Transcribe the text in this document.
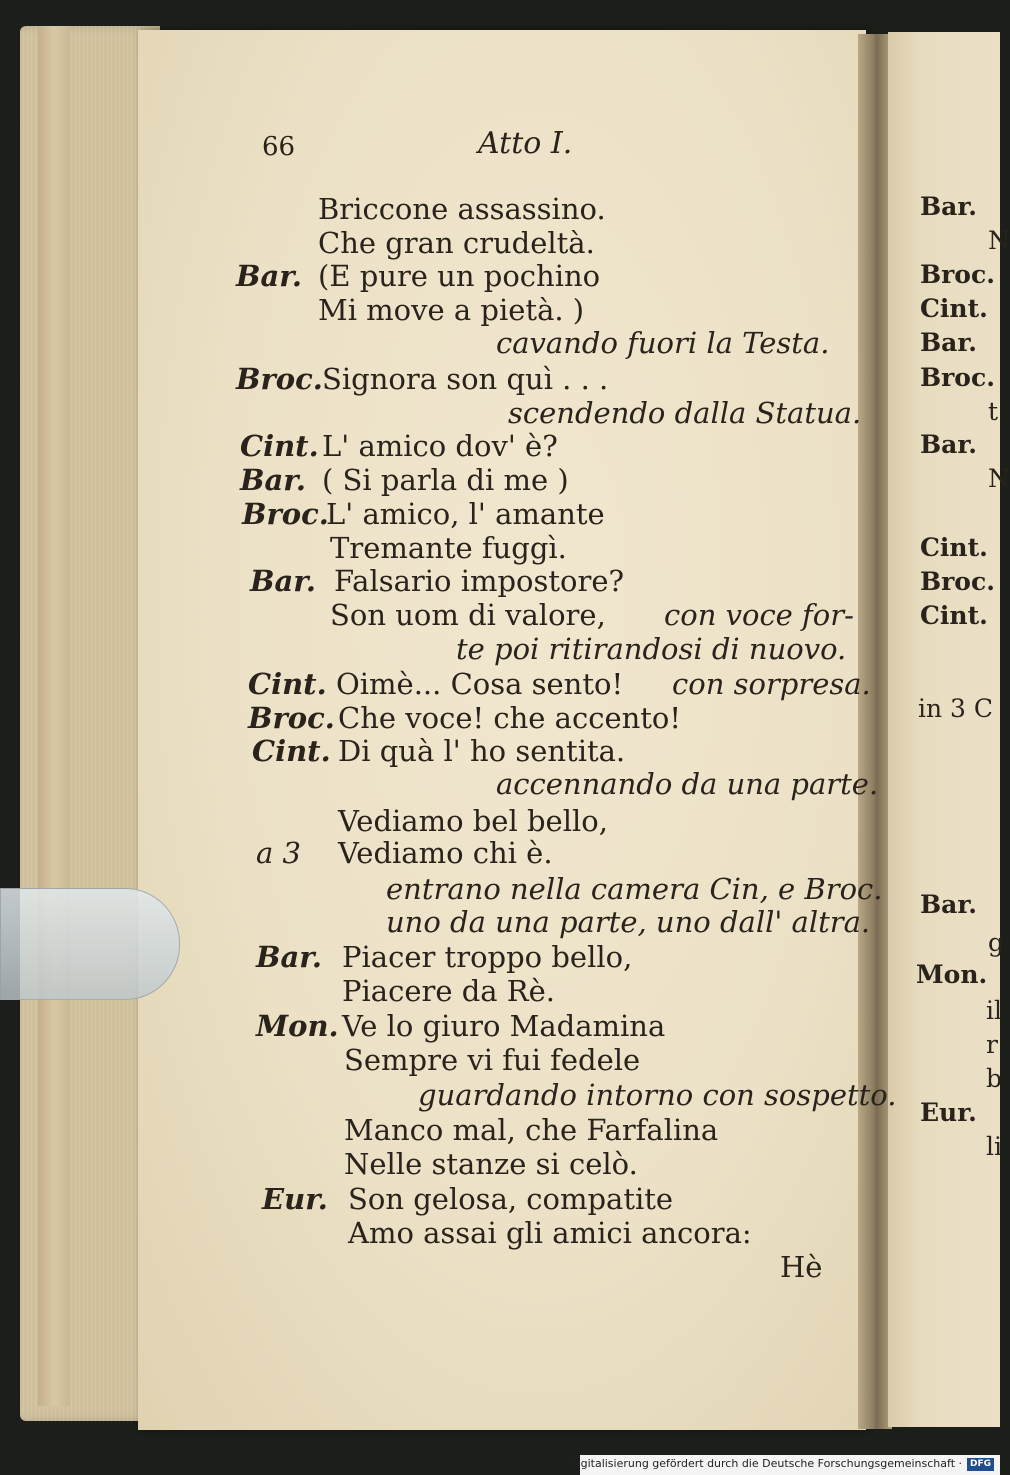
66	Atto I.
Briccone assassino.
Che gran crudeltà.
Bar. (E pure un pochino
Mi move a pietà. )
cavando fuori la Testa.
Broc. Signora son quì . . .
scendendo dalla Statua.
Cint. L' amico dov' è?
Bar. ( Si parla di me )
Broc.
L' amico, l' amante
Tremante fuggì.
Bar. Falsario impostore?
Son uom di valore, con voce for-
te poi ritirandosi di nuovo.
Cint. Oimè... Cosa sento! con sorpresa.
Broc. Che voce! che accento!
Cint. Di quà l' ho sentita.
accennando da una parte.
Vediamo bel bello,
a 3 Vediamo chi è.
entrano nella camera Cin, e Broc.
uno da una parte, uno dall' altra.
Bar. Piacer troppo bello,
Piacere da Rè.
Mon. Ve lo giuro Madamina
Sempre vi fui fedele
guardando intorno con sospetto.
Manco mal, che Farfalina
Nelle stanze si celò.
Eur. Son gelosa, compatite
Amo assai gli amici ancora:
Hè
Bar.
N
Broc.
Cint.
Bar.
Broc.
t
Bar.
N
Cint.
Broc.
Cint.
in 3 C
Bar.
g
Mon.
il
r
b
Eur.
li
Digitalisierung gefördert durch die Deutsche Forschungsgemeinschaft · DFG
